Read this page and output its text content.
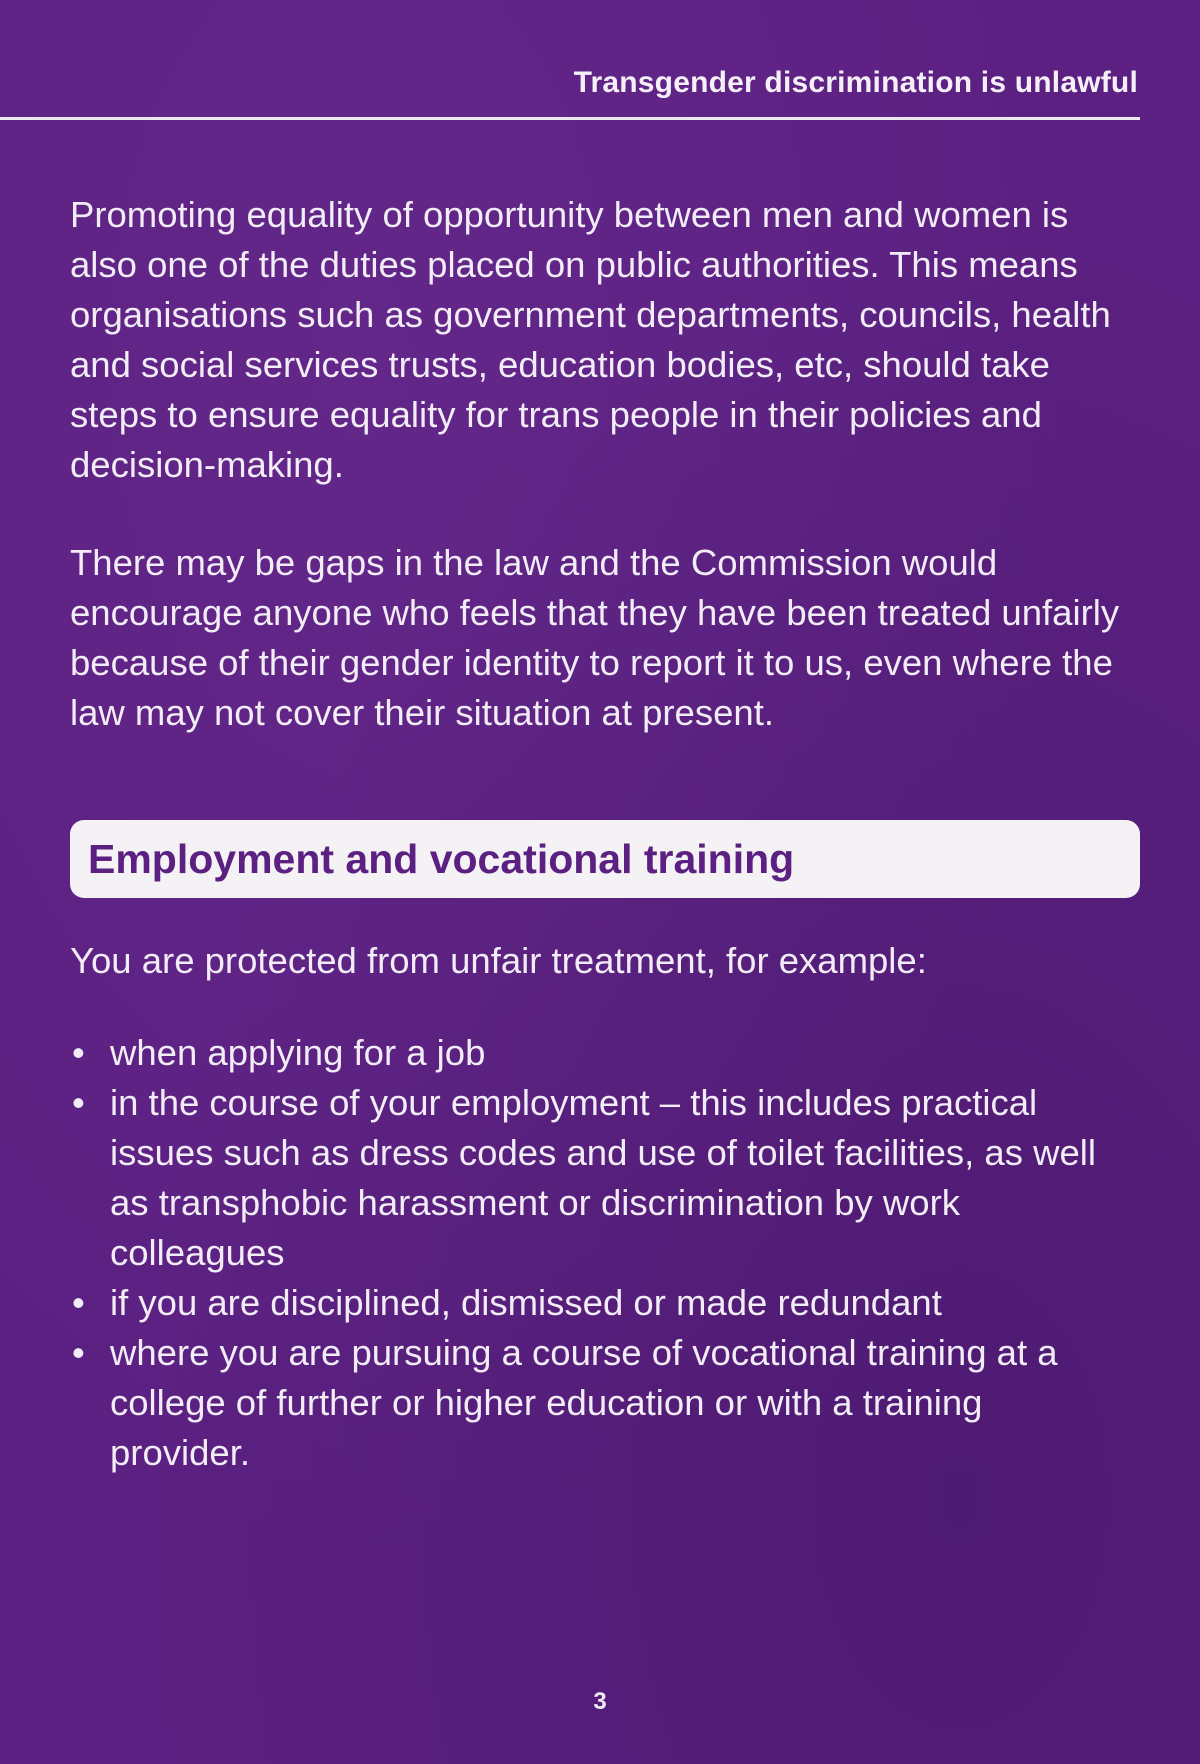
Transgender discrimination is unlawful

Promoting equality of opportunity between men and women is also one of the duties placed on public authorities. This means organisations such as government departments, councils, health and social services trusts, education bodies, etc, should take steps to ensure equality for trans people in their policies and decision-making.

There may be gaps in the law and the Commission would encourage anyone who feels that they have been treated unfairly because of their gender identity to report it to us, even where the law may not cover their situation at present.

Employment and vocational training

You are protected from unfair treatment, for example:

• when applying for a job
• in the course of your employment – this includes practical issues such as dress codes and use of toilet facilities, as well as transphobic harassment or discrimination by work colleagues
• if you are disciplined, dismissed or made redundant
• where you are pursuing a course of vocational training at a college of further or higher education or with a training provider.
3
